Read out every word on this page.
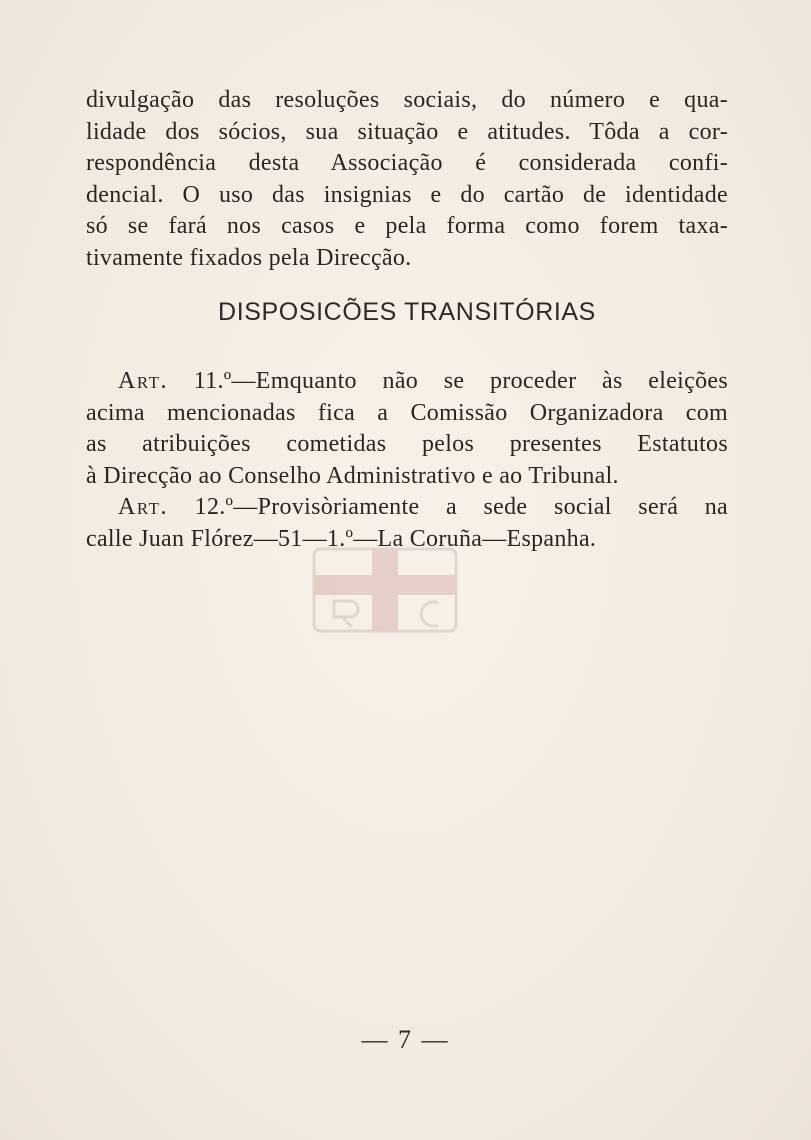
divulgação das resoluções sociais, do número e qua-
lidade dos sócios, sua situação e atitudes. Tôda a cor-
respondência desta Associação é considerada confi-
dencial. O uso das insignias e do cartão de identidade
só se fará nos casos e pela forma como forem taxa-
tivamente fixados pela Direcção.
DISPOSICÕES TRANSITÓRIAS
Art. 11.º—Emquanto não se proceder às eleições
acima mencionadas fica a Comissão Organizadora com
as atribuições cometidas pelos presentes Estatutos
à Direcção ao Conselho Administrativo e ao Tribunal.
Art. 12.º—Provisòriamente a sede social será na
calle Juan Flórez—51—1.º—La Coruña—Espanha.
— 7 —
